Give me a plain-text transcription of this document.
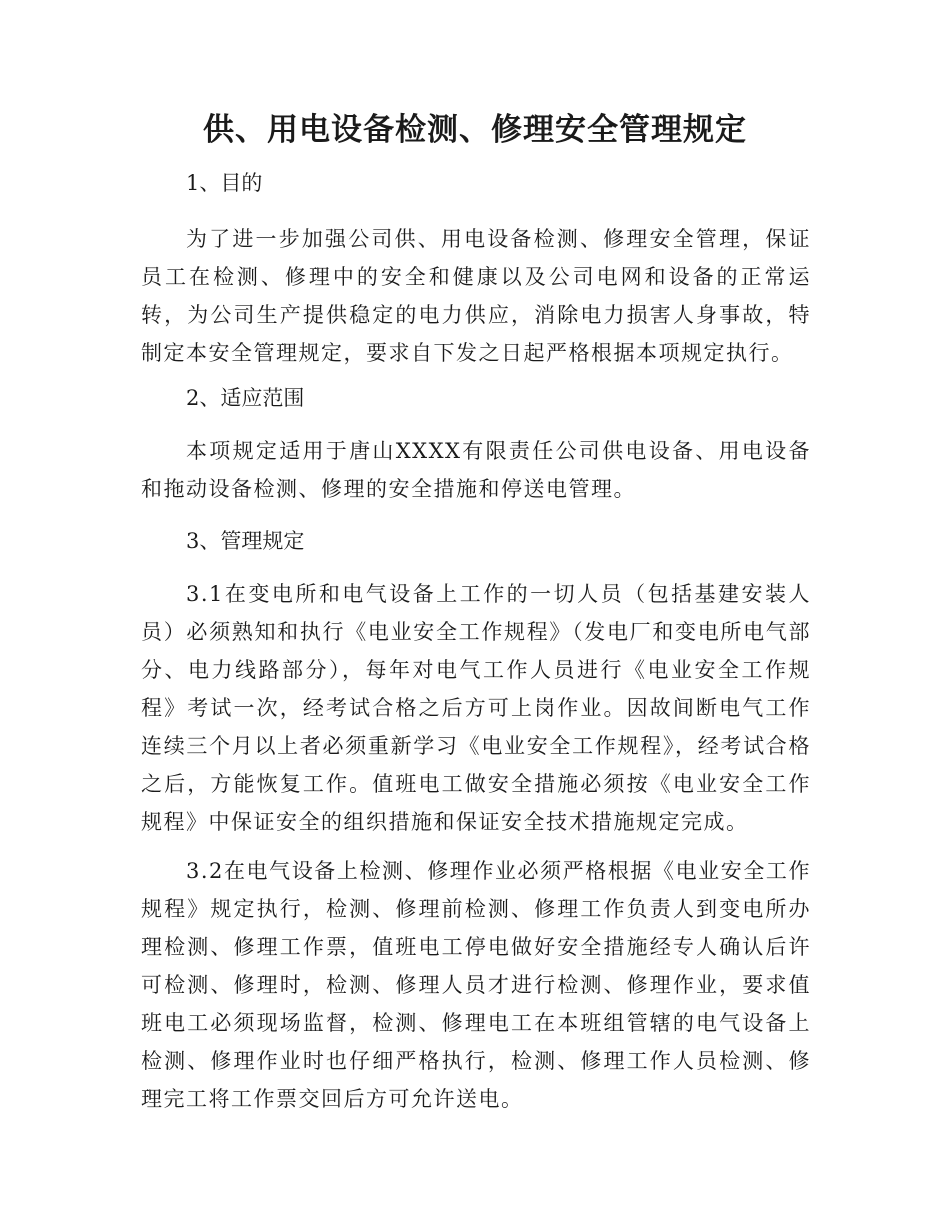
供、用电设备检测、修理安全管理规定

1、目的

为了进一步加强公司供、用电设备检测、修理安全管理，保证员工在检测、修理中的安全和健康以及公司电网和设备的正常运转，为公司生产提供稳定的电力供应，消除电力损害人身事故，特制定本安全管理规定，要求自下发之日起严格根据本项规定执行。

2、适应范围

本项规定适用于唐山XXXX有限责任公司供电设备、用电设备和拖动设备检测、修理的安全措施和停送电管理。

3、管理规定

3.1在变电所和电气设备上工作的一切人员（包括基建安装人员）必须熟知和执行《电业安全工作规程》（发电厂和变电所电气部分、电力线路部分），每年对电气工作人员进行《电业安全工作规程》考试一次，经考试合格之后方可上岗作业。因故间断电气工作连续三个月以上者必须重新学习《电业安全工作规程》，经考试合格之后，方能恢复工作。值班电工做安全措施必须按《电业安全工作规程》中保证安全的组织措施和保证安全技术措施规定完成。

3.2在电气设备上检测、修理作业必须严格根据《电业安全工作规程》规定执行，检测、修理前检测、修理工作负责人到变电所办理检测、修理工作票，值班电工停电做好安全措施经专人确认后许可检测、修理时，检测、修理人员才进行检测、修理作业，要求值班电工必须现场监督，检测、修理电工在本班组管辖的电气设备上检测、修理作业时也仔细严格执行，检测、修理工作人员检测、修理完工将工作票交回后方可允许送电。
